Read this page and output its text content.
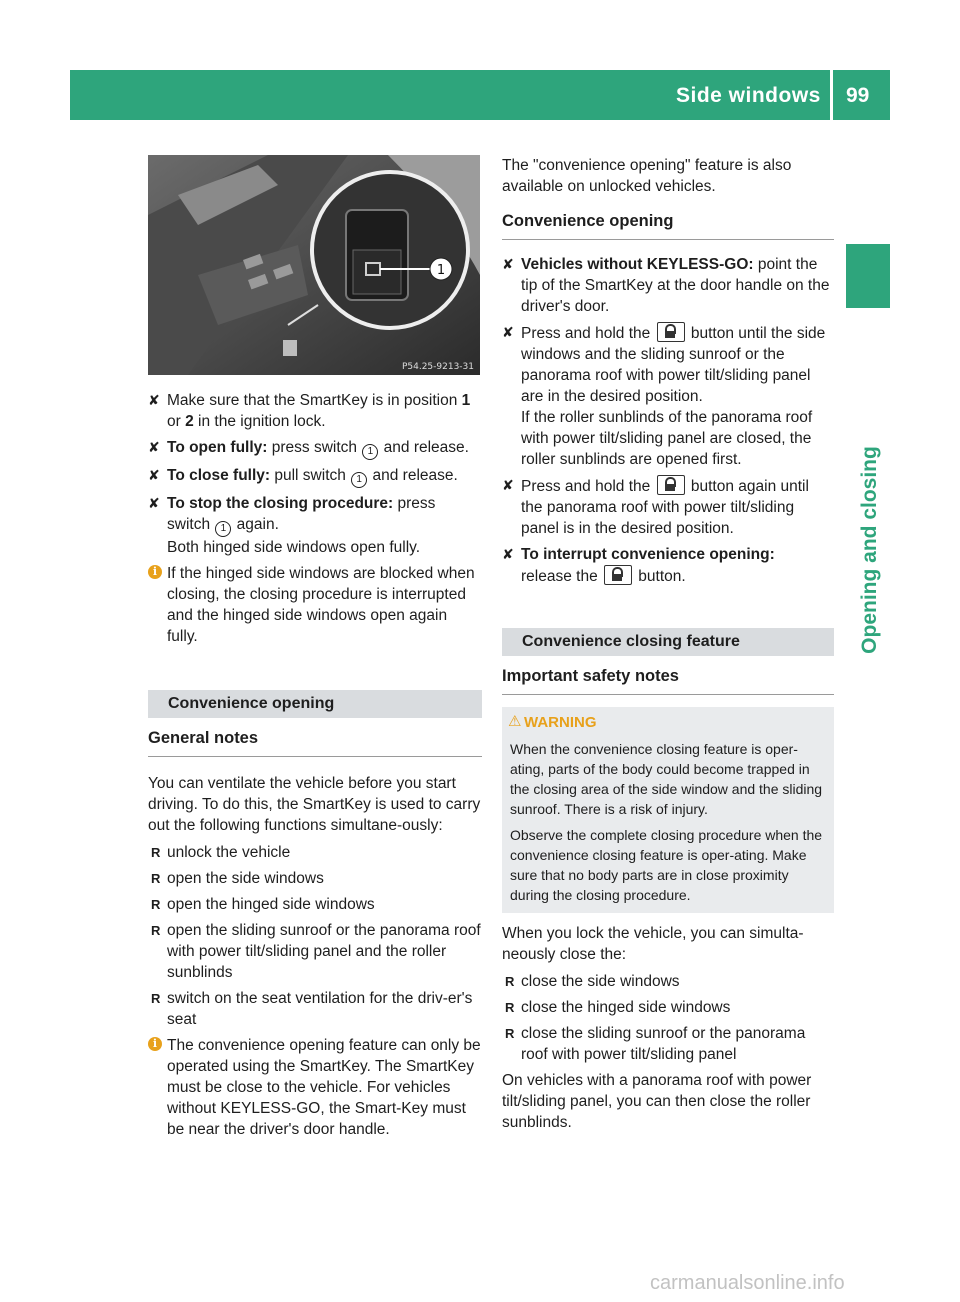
Side windows 99
Opening and closing
1
P54.25-9213-31
✘ Make sure that the SmartKey is in position 1 or 2 in the ignition lock.
✘ To open fully: press switch 1 and release.
✘ To close fully: pull switch 1 and release.
✘ To stop the closing procedure: press switch 1 again.
Both hinged side windows open fully.
i If the hinged side windows are blocked when closing, the closing procedure is interrupted and the hinged side windows open again fully.
Convenience opening
General notes

You can ventilate the vehicle before you start driving. To do this, the SmartKey is used to carry out the following functions simultane-ously:

R unlock the vehicle
R open the side windows
R open the hinged side windows
R open the sliding sunroof or the panorama roof with power tilt/sliding panel and the roller sunblinds
R switch on the seat ventilation for the driv-er's seat
i The convenience opening feature can only be operated using the SmartKey. The SmartKey must be close to the vehicle. For vehicles without KEYLESS-GO, the Smart-Key must be near the driver's door handle.

The "convenience opening" feature is also available on unlocked vehicles.

Convenience opening
✘ Vehicles without KEYLESS-GO: point the tip of the SmartKey at the door handle on the driver's door.
✘ Press and hold the  button until the side windows and the sliding sunroof or the panorama roof with power tilt/sliding panel are in the desired position.
If the roller sunblinds of the panorama roof with power tilt/sliding panel are closed, the roller sunblinds are opened first.
✘ Press and hold the  button again until the panorama roof with power tilt/sliding panel is in the desired position.
✘ To interrupt convenience opening:
release the  button.
Convenience closing feature
Important safety notes
⚠ WARNING

When the convenience closing feature is oper-ating, parts of the body could become trapped in the closing area of the side window and the sliding sunroof. There is a risk of injury.

Observe the complete closing procedure when the convenience closing feature is oper-ating. Make sure that no body parts are in close proximity during the closing procedure.

When you lock the vehicle, you can simulta-neously close the:

R close the side windows
R close the hinged side windows
R close the sliding sunroof or the panorama roof with power tilt/sliding panel

On vehicles with a panorama roof with power tilt/sliding panel, you can then close the roller sunblinds.

carmanualsonline.info
